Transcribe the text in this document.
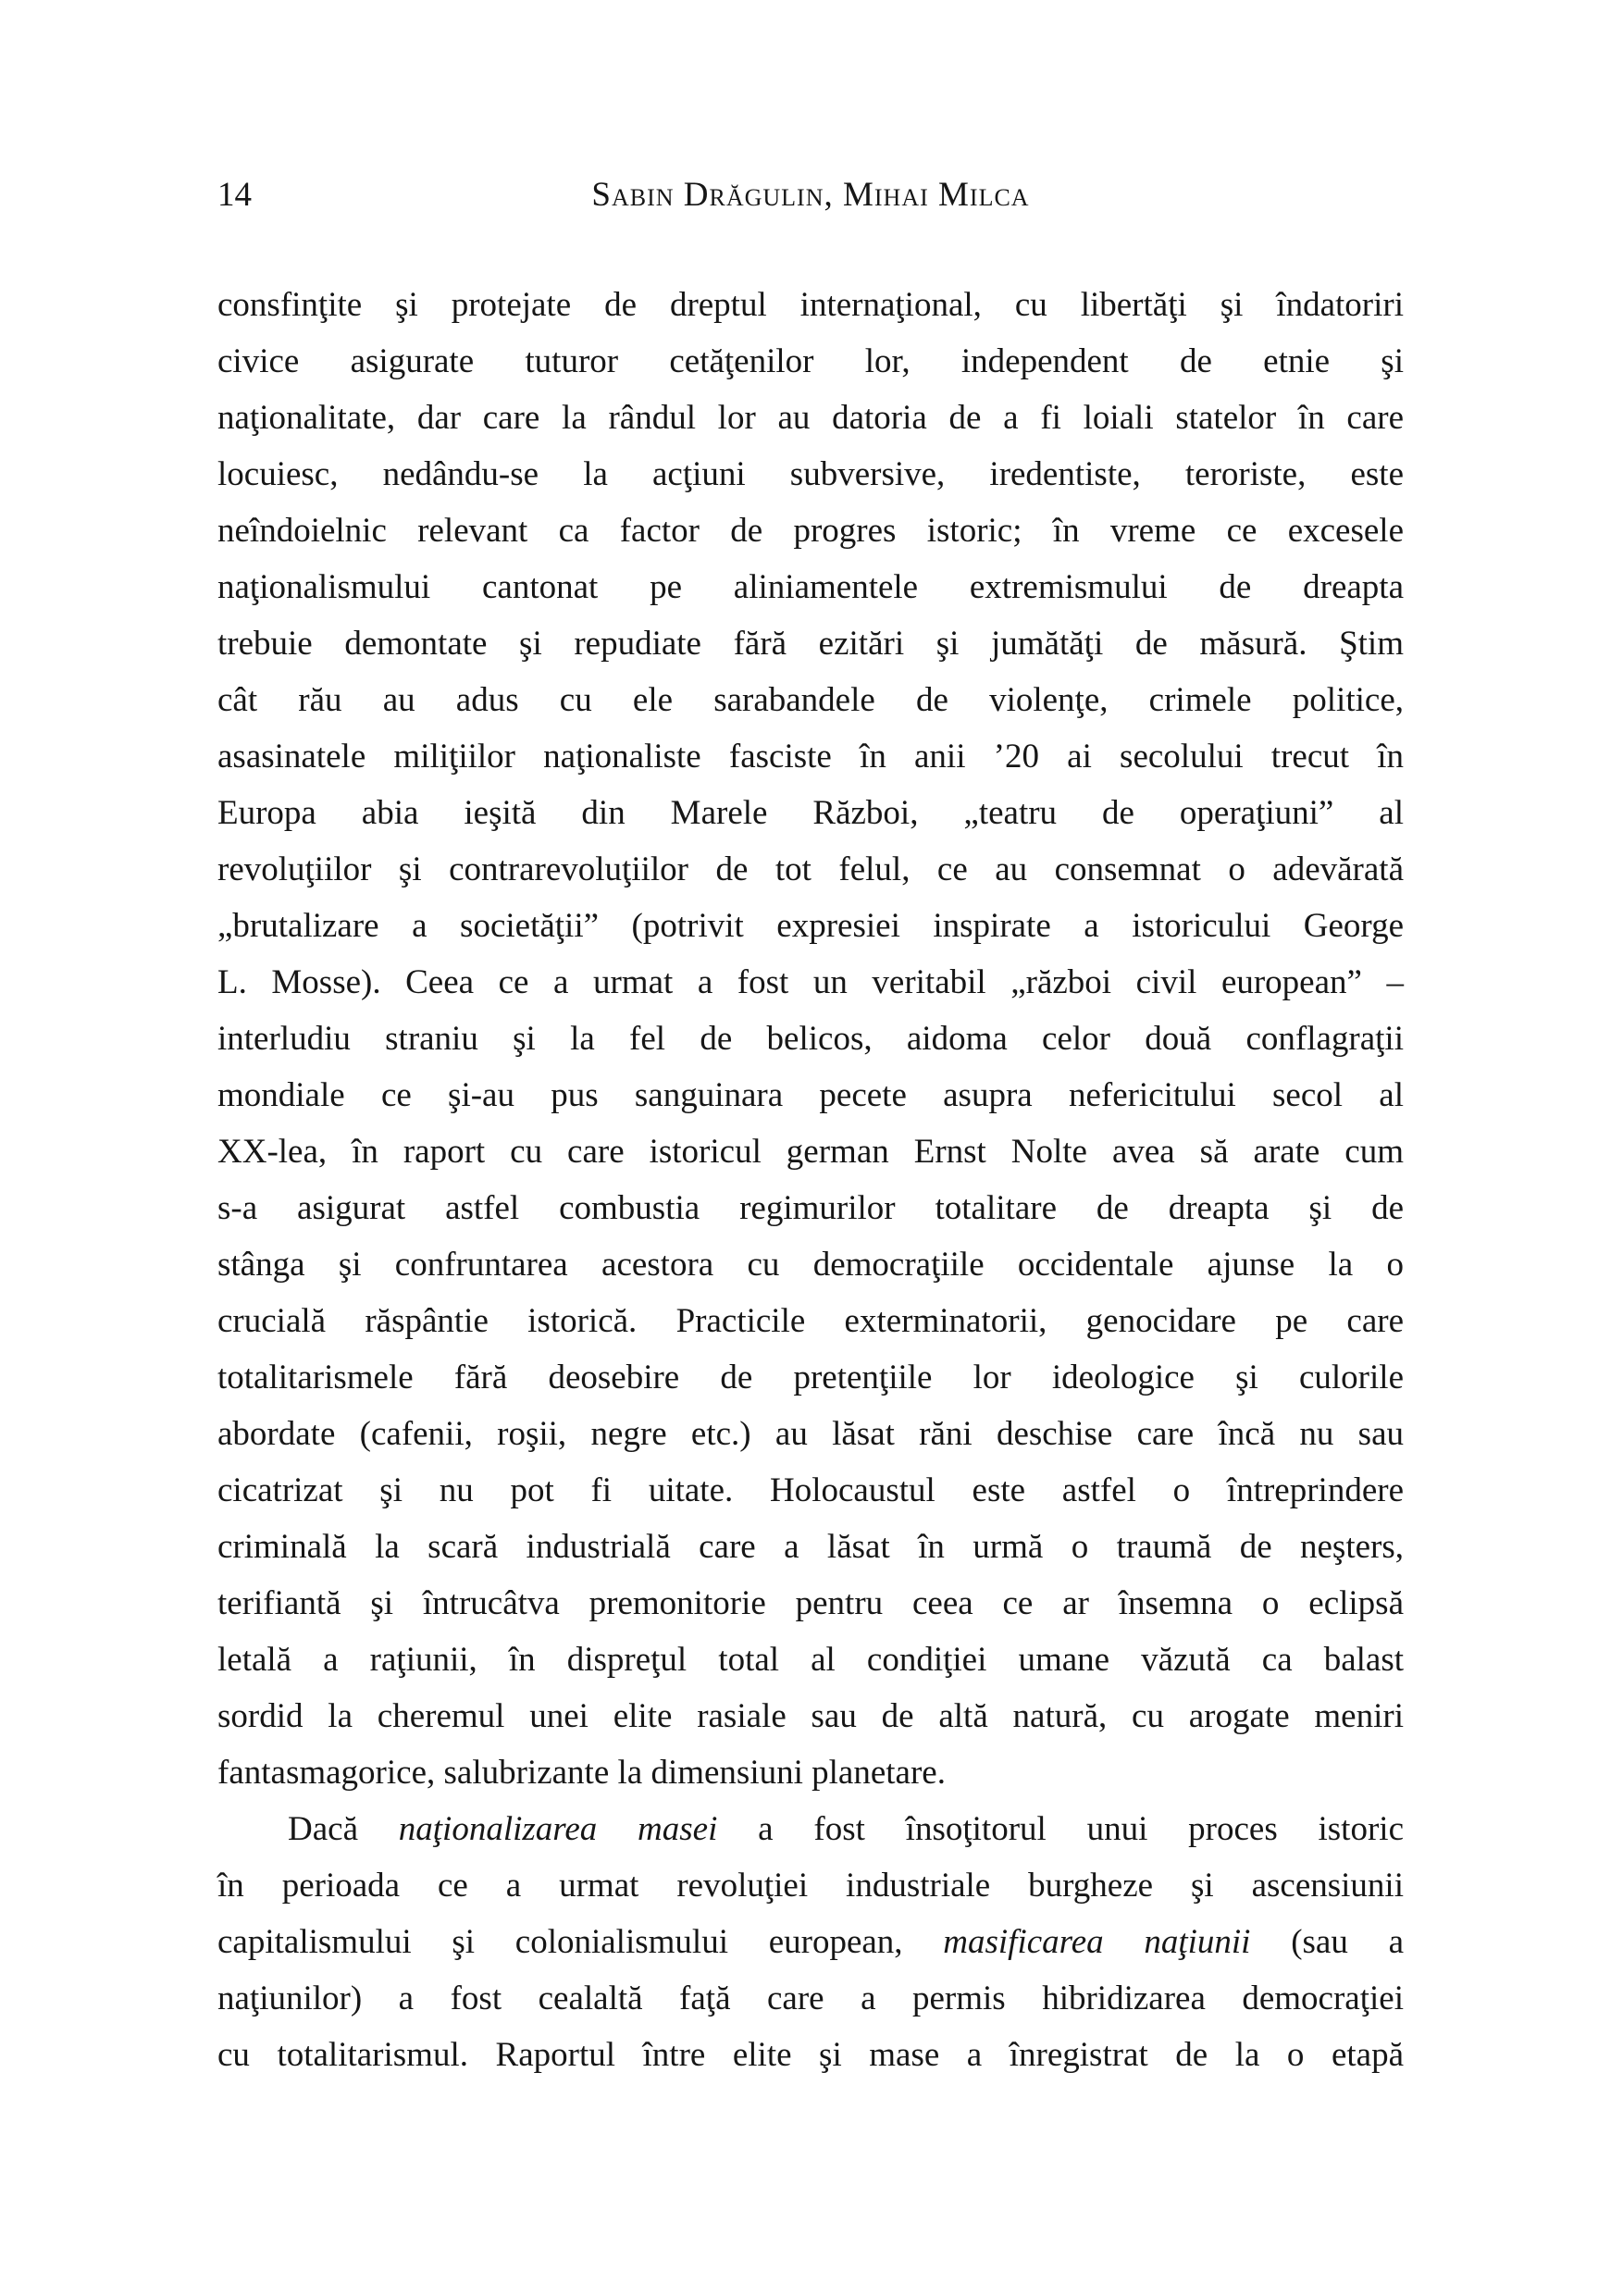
14	Sabin Drăgulin, Mihai Milca
consfinţite şi protejate de dreptul internaţional, cu libertăţi şi îndatoriri
civice asigurate tuturor cetăţenilor lor, independent de etnie şi
naţionalitate, dar care la rândul lor au datoria de a fi loiali statelor în care
locuiesc, nedându-se la acţiuni subversive, iredentiste, teroriste, este
neîndoielnic relevant ca factor de progres istoric; în vreme ce excesele
naţionalismului cantonat pe aliniamentele extremismului de dreapta
trebuie demontate şi repudiate fără ezitări şi jumătăţi de măsură. Ştim
cât rău au adus cu ele sarabandele de violenţe, crimele politice,
asasinatele miliţiilor naţionaliste fasciste în anii ’20 ai secolului trecut în
Europa abia ieşită din Marele Război, „teatru de operaţiuni” al
revoluţiilor şi contrarevoluţiilor de tot felul, ce au consemnat o adevărată
„brutalizare a societăţii” (potrivit expresiei inspirate a istoricului George
L. Mosse). Ceea ce a urmat a fost un veritabil „război civil european” –
interludiu straniu şi la fel de belicos, aidoma celor două conflagraţii
mondiale ce şi-au pus sanguinara pecete asupra nefericitului secol al
XX-lea, în raport cu care istoricul german Ernst Nolte avea să arate cum
s-a asigurat astfel combustia regimurilor totalitare de dreapta şi de
stânga şi confruntarea acestora cu democraţiile occidentale ajunse la o
crucială răspântie istorică. Practicile exterminatorii, genocidare pe care
totalitarismele fără deosebire de pretenţiile lor ideologice şi culorile
abordate (cafenii, roşii, negre etc.) au lăsat răni deschise care încă nu sau
cicatrizat şi nu pot fi uitate. Holocaustul este astfel o întreprindere
criminală la scară industrială care a lăsat în urmă o traumă de neşters,
terifiantă şi întrucâtva premonitorie pentru ceea ce ar însemna o eclipsă
letală a raţiunii, în dispreţul total al condiţiei umane văzută ca balast
sordid la cheremul unei elite rasiale sau de altă natură, cu arogate meniri
fantasmagorice, salubrizante la dimensiuni planetare.
Dacă naţionalizarea masei a fost însoţitorul unui proces istoric
în perioada ce a urmat revoluţiei industriale burgheze şi ascensiunii
capitalismului şi colonialismului european, masificarea naţiunii (sau a
naţiunilor) a fost cealaltă faţă care a permis hibridizarea democraţiei
cu totalitarismul. Raportul între elite şi mase a înregistrat de la o etapă
